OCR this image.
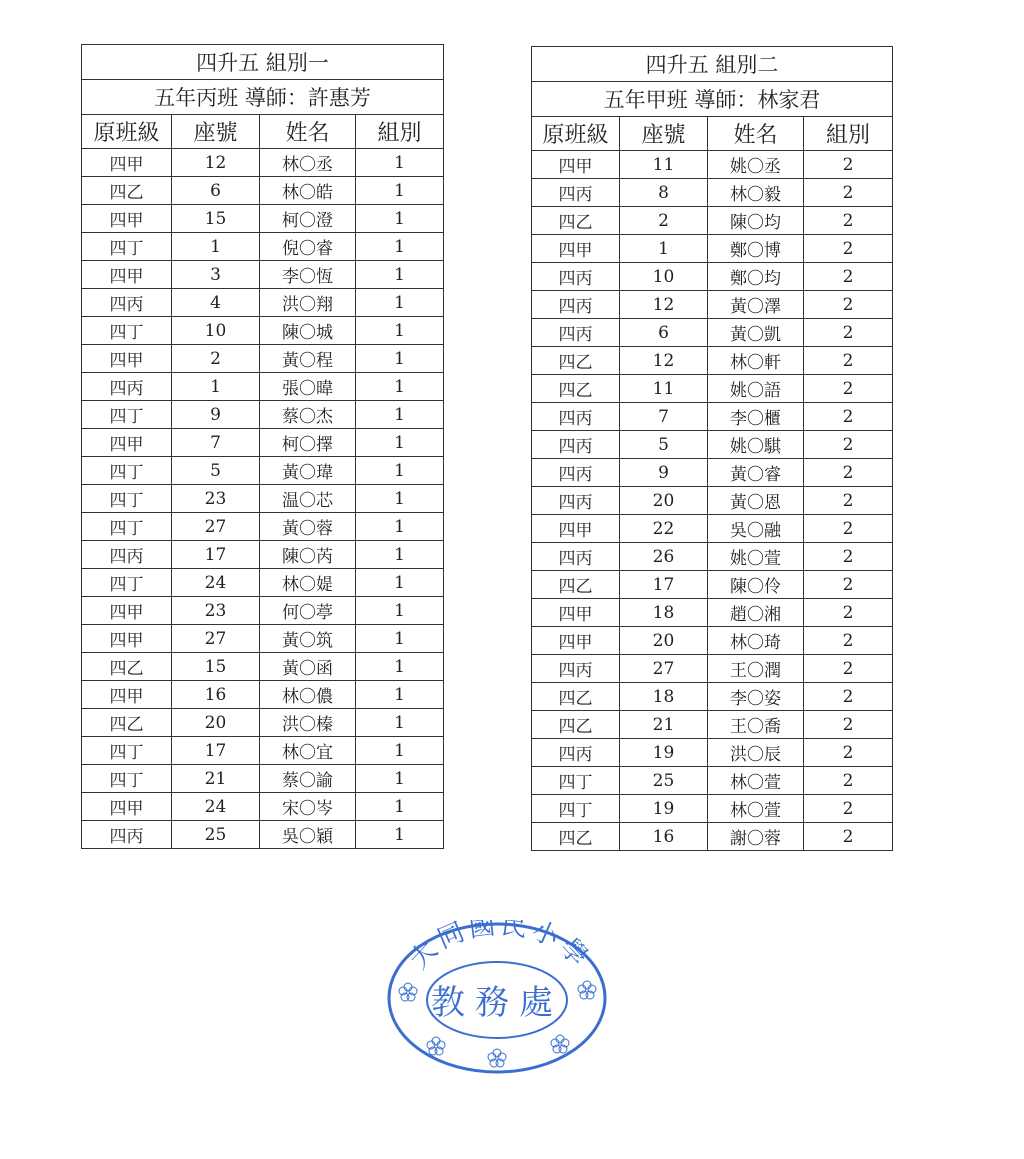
四升五 組別一			
五年丙班 導師：許惠芳			
原班級	座號	姓名	組別
四甲	12	林〇丞	1
四乙	6	林〇皓	1
四甲	15	柯〇澄	1
四丁	1	倪〇睿	1
四甲	3	李〇恆	1
四丙	4	洪〇翔	1
四丁	10	陳〇城	1
四甲	2	黃〇程	1
四丙	1	張〇暐	1
四丁	9	蔡〇杰	1
四甲	7	柯〇擇	1
四丁	5	黃〇瑋	1
四丁	23	温〇芯	1
四丁	27	黃〇蓉	1
四丙	17	陳〇芮	1
四丁	24	林〇媞	1
四甲	23	何〇葶	1
四甲	27	黃〇筑	1
四乙	15	黃〇函	1
四甲	16	林〇儂	1
四乙	20	洪〇榛	1
四丁	17	林〇宜	1
四丁	21	蔡〇諭	1
四甲	24	宋〇岑	1
四丙	25	吳〇穎	1
四升五 組別二			
五年甲班 導師：林家君			
原班級	座號	姓名	組別
四甲	11	姚〇丞	2
四丙	8	林〇毅	2
四乙	2	陳〇均	2
四甲	1	鄭〇博	2
四丙	10	鄭〇均	2
四丙	12	黃〇澤	2
四丙	6	黃〇凱	2
四乙	12	林〇軒	2
四乙	11	姚〇語	2
四丙	7	李〇櫃	2
四丙	5	姚〇騏	2
四丙	9	黃〇睿	2
四丙	20	黃〇恩	2
四甲	22	吳〇融	2
四丙	26	姚〇萱	2
四乙	17	陳〇伶	2
四甲	18	趙〇湘	2
四甲	20	林〇琦	2
四丙	27	王〇潤	2
四乙	18	李〇姿	2
四乙	21	王〇喬	2
四丙	19	洪〇辰	2
四丁	25	林〇萱	2
四丁	19	林〇萱	2
四乙	16	謝〇蓉	2
大同國民小學
教務處
